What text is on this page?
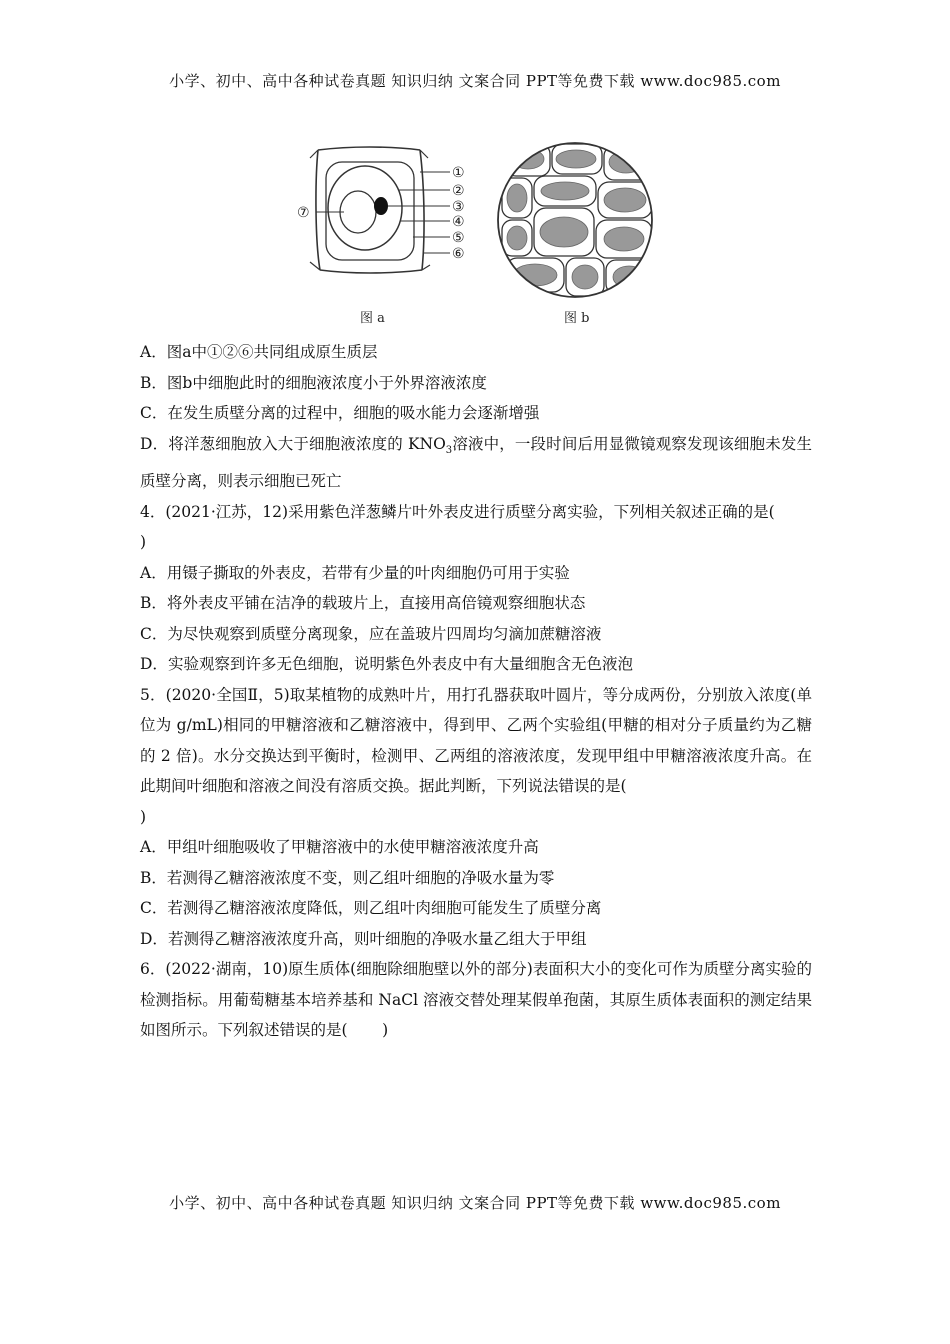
小学、初中、高中各种试卷真题 知识归纳 文案合同 PPT等免费下载 www.doc985.com
①
②
③
④
⑤
⑥
⑦
图 a	图 b

A．图a中①②⑥共同组成原生质层

B．图b中细胞此时的细胞液浓度小于外界溶液浓度

C．在发生质壁分离的过程中，细胞的吸水能力会逐渐增强

D．将洋葱细胞放入大于细胞液浓度的 $KNO_3$溶液中，一段时间后用显微镜观察发现该细胞未发生质壁分离，则表示细胞已死亡

4．(2021·江苏，12)采用紫色洋葱鳞片叶外表皮进行质壁分离实验，下列相关叙述正确的是(

)

A．用镊子撕取的外表皮，若带有少量的叶肉细胞仍可用于实验

B．将外表皮平铺在洁净的载玻片上，直接用高倍镜观察细胞状态

C．为尽快观察到质壁分离现象，应在盖玻片四周均匀滴加蔗糖溶液

D．实验观察到许多无色细胞，说明紫色外表皮中有大量细胞含无色液泡

5．(2020·全国Ⅱ，5)取某植物的成熟叶片，用打孔器获取叶圆片，等分成两份，分别放入浓度(单位为 g/mL)相同的甲糖溶液和乙糖溶液中，得到甲、乙两个实验组(甲糖的相对分子质量约为乙糖的 2 倍)。水分交换达到平衡时，检测甲、乙两组的溶液浓度，发现甲组中甲糖溶液浓度升高。在此期间叶细胞和溶液之间没有溶质交换。据此判断，下列说法错误的是(

)

A．甲组叶细胞吸收了甲糖溶液中的水使甲糖溶液浓度升高

B．若测得乙糖溶液浓度不变，则乙组叶细胞的净吸水量为零

C．若测得乙糖溶液浓度降低，则乙组叶肉细胞可能发生了质壁分离

D．若测得乙糖溶液浓度升高，则叶细胞的净吸水量乙组大于甲组

6．(2022·湖南，10)原生质体(细胞除细胞壁以外的部分)表面积大小的变化可作为质壁分离实验的检测指标。用葡萄糖基本培养基和 NaCl 溶液交替处理某假单孢菌，其原生质体表面积的测定结果如图所示。下列叙述错误的是( )

小学、初中、高中各种试卷真题 知识归纳 文案合同 PPT等免费下载 www.doc985.com
